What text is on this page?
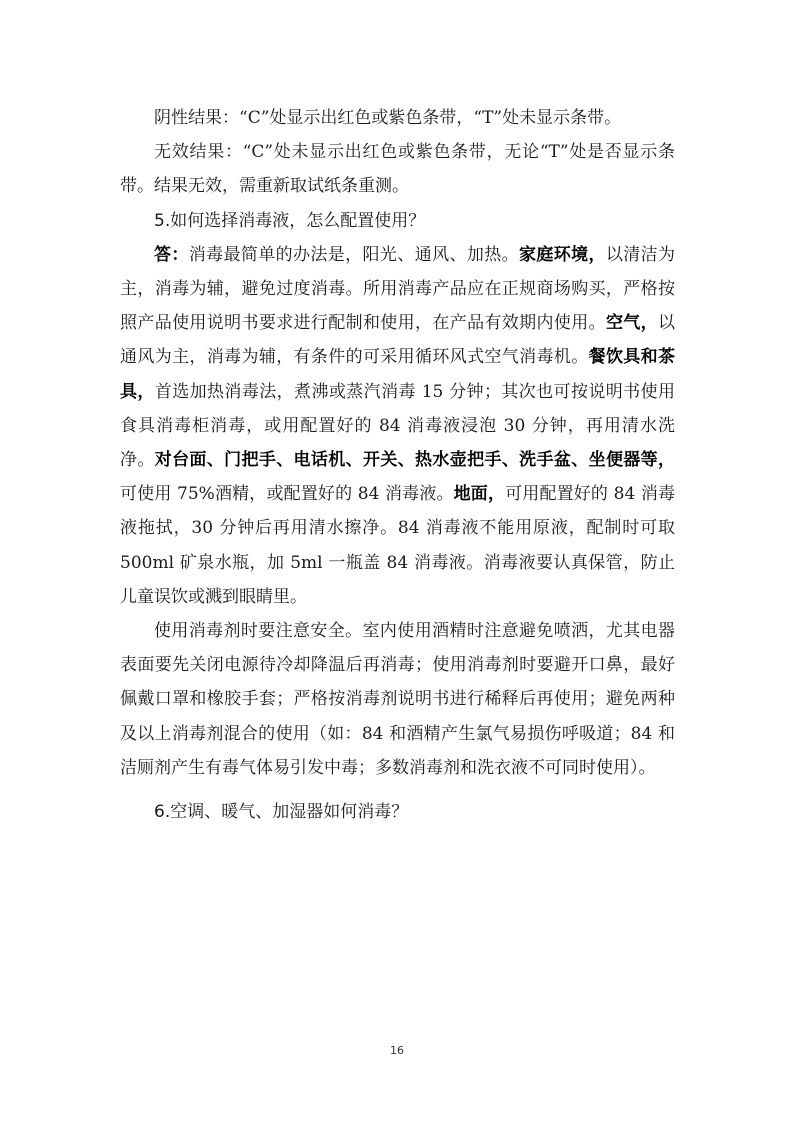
阴性结果：“C”处显示出红色或紫色条带，“T”处未显示条带。

无效结果：“C”处未显示出红色或紫色条带，无论“T”处是否显示条带。结果无效，需重新取试纸条重测。

5.如何选择消毒液，怎么配置使用？

答：消毒最简单的办法是，阳光、通风、加热。家庭环境，以清洁为主，消毒为辅，避免过度消毒。所用消毒产品应在正规商场购买，严格按照产品使用说明书要求进行配制和使用，在产品有效期内使用。空气，以通风为主，消毒为辅，有条件的可采用循环风式空气消毒机。餐饮具和茶具，首选加热消毒法，煮沸或蒸汽消毒 15 分钟；其次也可按说明书使用食具消毒柜消毒，或用配置好的 84 消毒液浸泡 30 分钟，再用清水洗净。对台面、门把手、电话机、开关、热水壶把手、洗手盆、坐便器等，可使用 75%酒精，或配置好的 84 消毒液。地面，可用配置好的 84 消毒液拖拭，30 分钟后再用清水擦净。84 消毒液不能用原液，配制时可取 500ml 矿泉水瓶，加 5ml 一瓶盖 84 消毒液。消毒液要认真保管，防止儿童误饮或溅到眼睛里。

使用消毒剂时要注意安全。室内使用酒精时注意避免喷洒，尤其电器表面要先关闭电源待冷却降温后再消毒；使用消毒剂时要避开口鼻，最好佩戴口罩和橡胶手套；严格按消毒剂说明书进行稀释后再使用；避免两种及以上消毒剂混合的使用（如：84 和酒精产生氯气易损伤呼吸道；84 和洁厕剂产生有毒气体易引发中毒；多数消毒剂和洗衣液不可同时使用）。

6.空调、暖气、加湿器如何消毒？

16
